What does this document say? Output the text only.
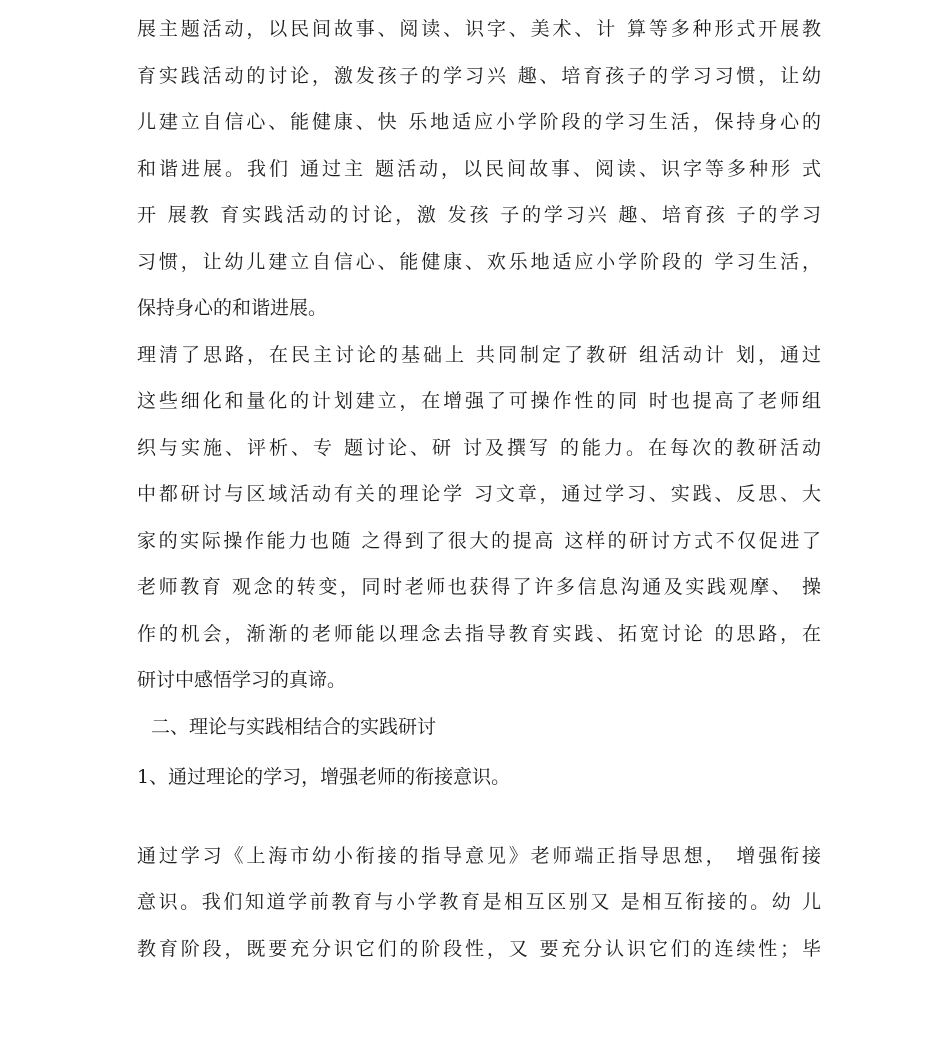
展主题活动，以民间故事、阅读、识字、美术、计 算等多种形式开展教
育实践活动的讨论，激发孩子的学习兴 趣、培育孩子的学习习惯，让幼
儿建立自信心、能健康、快 乐地适应小学阶段的学习生活，保持身心的
和谐进展。我们 通过主 题活动，以民间故事、阅读、识字等多种形 式
开 展教 育实践活动的讨论，激 发孩 子的学习兴 趣、培育孩 子的学习
习惯，让幼儿建立自信心、能健康、欢乐地适应小学阶段的 学习生活，
保持身心的和谐进展。
理清了思路，在民主讨论的基础上 共同制定了教研 组活动计 划，通过
这些细化和量化的计划建立，在增强了可操作性的同 时也提高了老师组
织与实施、评析、专 题讨论、研 讨及撰写 的能力。在每次的教研活动
中都研讨与区域活动有关的理论学 习文章，通过学习、实践、反思、大
家的实际操作能力也随 之得到了很大的提高 这样的研讨方式不仅促进了
老师教育 观念的转变，同时老师也获得了许多信息沟通及实践观摩、 操
作的机会，渐渐的老师能以理念去指导教育实践、拓宽讨论 的思路，在
研讨中感悟学习的真谛。
二、理论与实践相结合的实践研讨
1、通过理论的学习，增强老师的衔接意识。
通过学习《上海市幼小衔接的指导意见》老师端正指导思想， 增强衔接
意识。我们知道学前教育与小学教育是相互区别又 是相互衔接的。幼 儿
教育阶段，既要充分识它们的阶段性，又 要充分认识它们的连续性；毕
